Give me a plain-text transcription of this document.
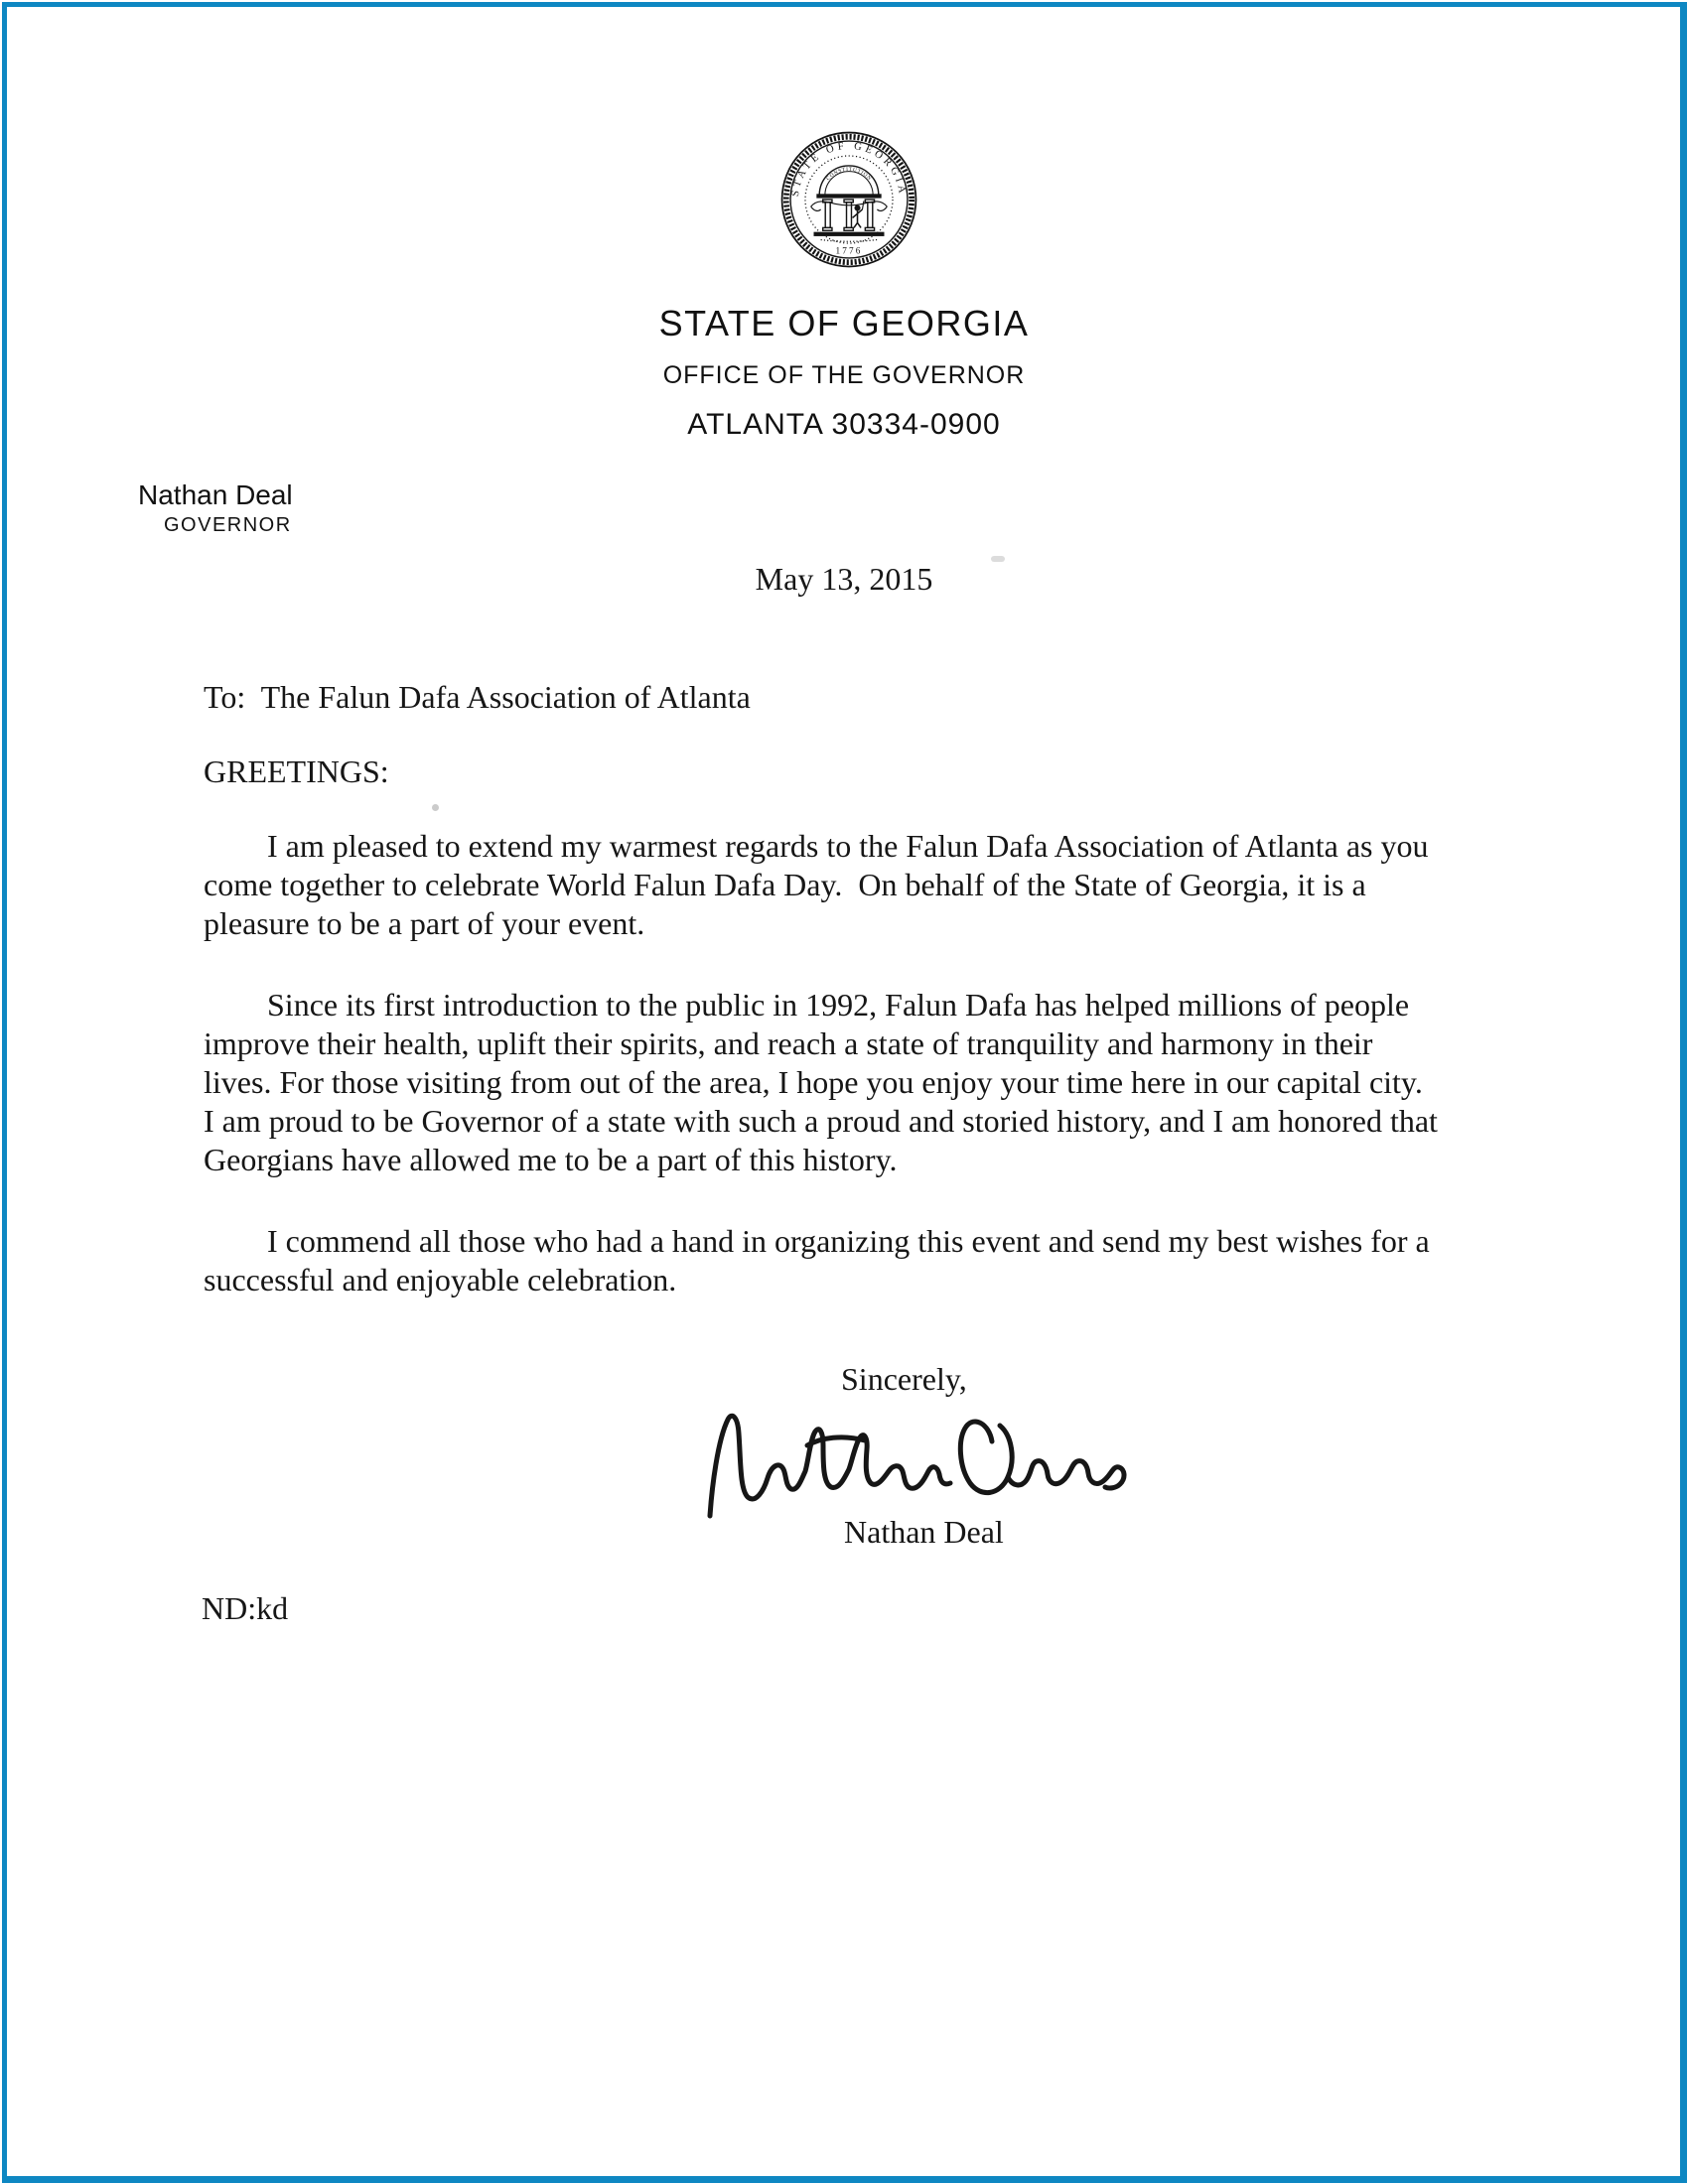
STATE OF GEORGIA
CONSTITUTION
1776
STATE OF GEORGIA
OFFICE OF THE GOVERNOR
ATLANTA 30334-0900
Nathan Deal
GOVERNOR
May 13, 2015
To:  The Falun Dafa Association of Atlanta
GREETINGS:
I am pleased to extend my warmest regards to the Falun Dafa Association of Atlanta as you
come together to celebrate World Falun Dafa Day.  On behalf of the State of Georgia, it is a
pleasure to be a part of your event.
Since its first introduction to the public in 1992, Falun Dafa has helped millions of people
improve their health, uplift their spirits, and reach a state of tranquility and harmony in their
lives. For those visiting from out of the area, I hope you enjoy your time here in our capital city.
I am proud to be Governor of a state with such a proud and storied history, and I am honored that
Georgians have allowed me to be a part of this history.
I commend all those who had a hand in organizing this event and send my best wishes for a
successful and enjoyable celebration.
Sincerely,
Nathan Deal
ND:kd
